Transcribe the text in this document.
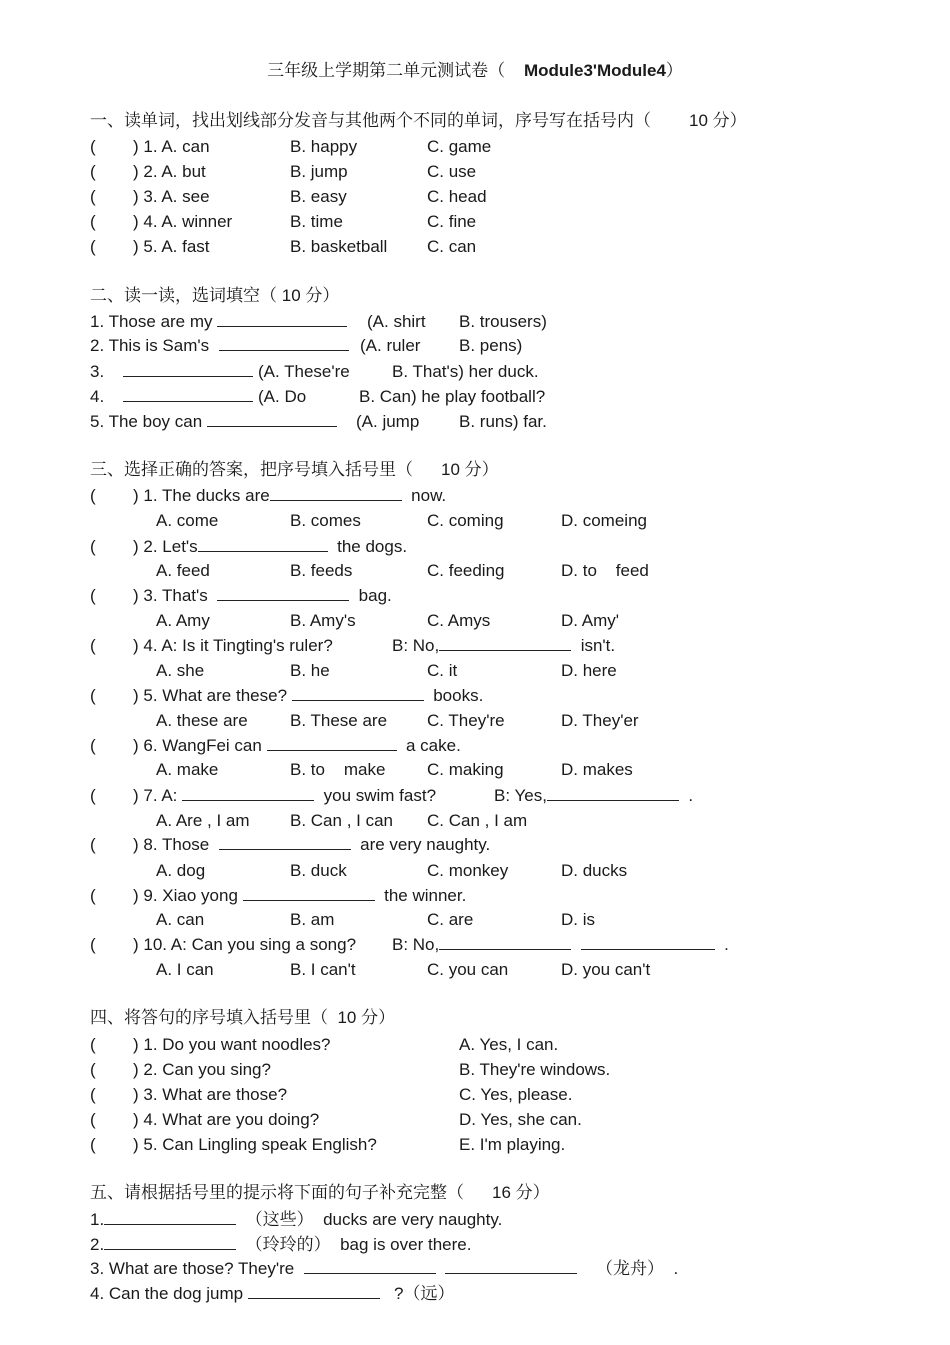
三年级上学期第二单元测试卷（ Module3'Module4）
一、读单词，找出划线部分发音与其他两个不同的单词，序号写在括号内（ 10 分）
( ) 1. A. can	B. happy	C. game
( ) 2. A. but	B. jump	C. use
( ) 3. A. see	B. easy	C. head
( ) 4. A. winner	B. time	C. fine
( ) 5. A. fast	B. basketball C. can
二、读一读，选词填空（ 10 分）
1. Those are my	(A. shirt B. trousers)
2. This is Sam's	(A. ruler B. pens)
3.	(A. These're B. That's) her duck.
4.	(A. Do	B. Can) he play football?
5. The boy can	(A. jump B. runs) far.
三、选择正确的答案，把序号填入括号里（ 10 分）
( ) 1. The ducks are	now.
A. come	B. comes	C. coming	D. comeing
( ) 2. Let's	the dogs.
A. feed	B. feeds	C. feeding	D. to    feed
( ) 3. That's	bag.
A. Amy	B. Amy's	C. Amys	D. Amy'
( ) 4. A: Is it Tingting's ruler?	B: No,	isn't.
A. she	B. he	C. it	D. here
( ) 5. What are these?	books.
A. these are B. These are C. They're	D. They'er
( ) 6. WangFei can	a cake.
A. make	B. to    make C. making	D. makes
( ) 7. A:	you swim fast?	B: Yes,	.
A. Are , I am B. Can , I can C. Can , I am
( ) 8. Those	are very naughty.
A. dog	B. duck	C. monkey	D. ducks
( ) 9. Xiao yong	the winner.
A. can	B. am	C. are	D. is
( ) 10. A: Can you sing a song? B: No,	.
A. I can	B. I can't	C. you can	D. you can't
四、将答句的序号填入括号里（ 10 分）
( ) 1. Do you want noodles?	A. Yes, I can.
( ) 2. Can you sing?	B. They're windows.
( ) 3. What are those?	C. Yes, please.
( ) 4. What are you doing?	D. Yes, she can.
( ) 5. Can Lingling speak English?	E. I'm playing.
五、请根据括号里的提示将下面的句子补充完整（ 16 分）
1.	（这些） ducks are very naughty.
2.	（玲玲的） bag is over there.
3. What are those? They're	（龙舟） .
4. Can the dog jump	?（远）
